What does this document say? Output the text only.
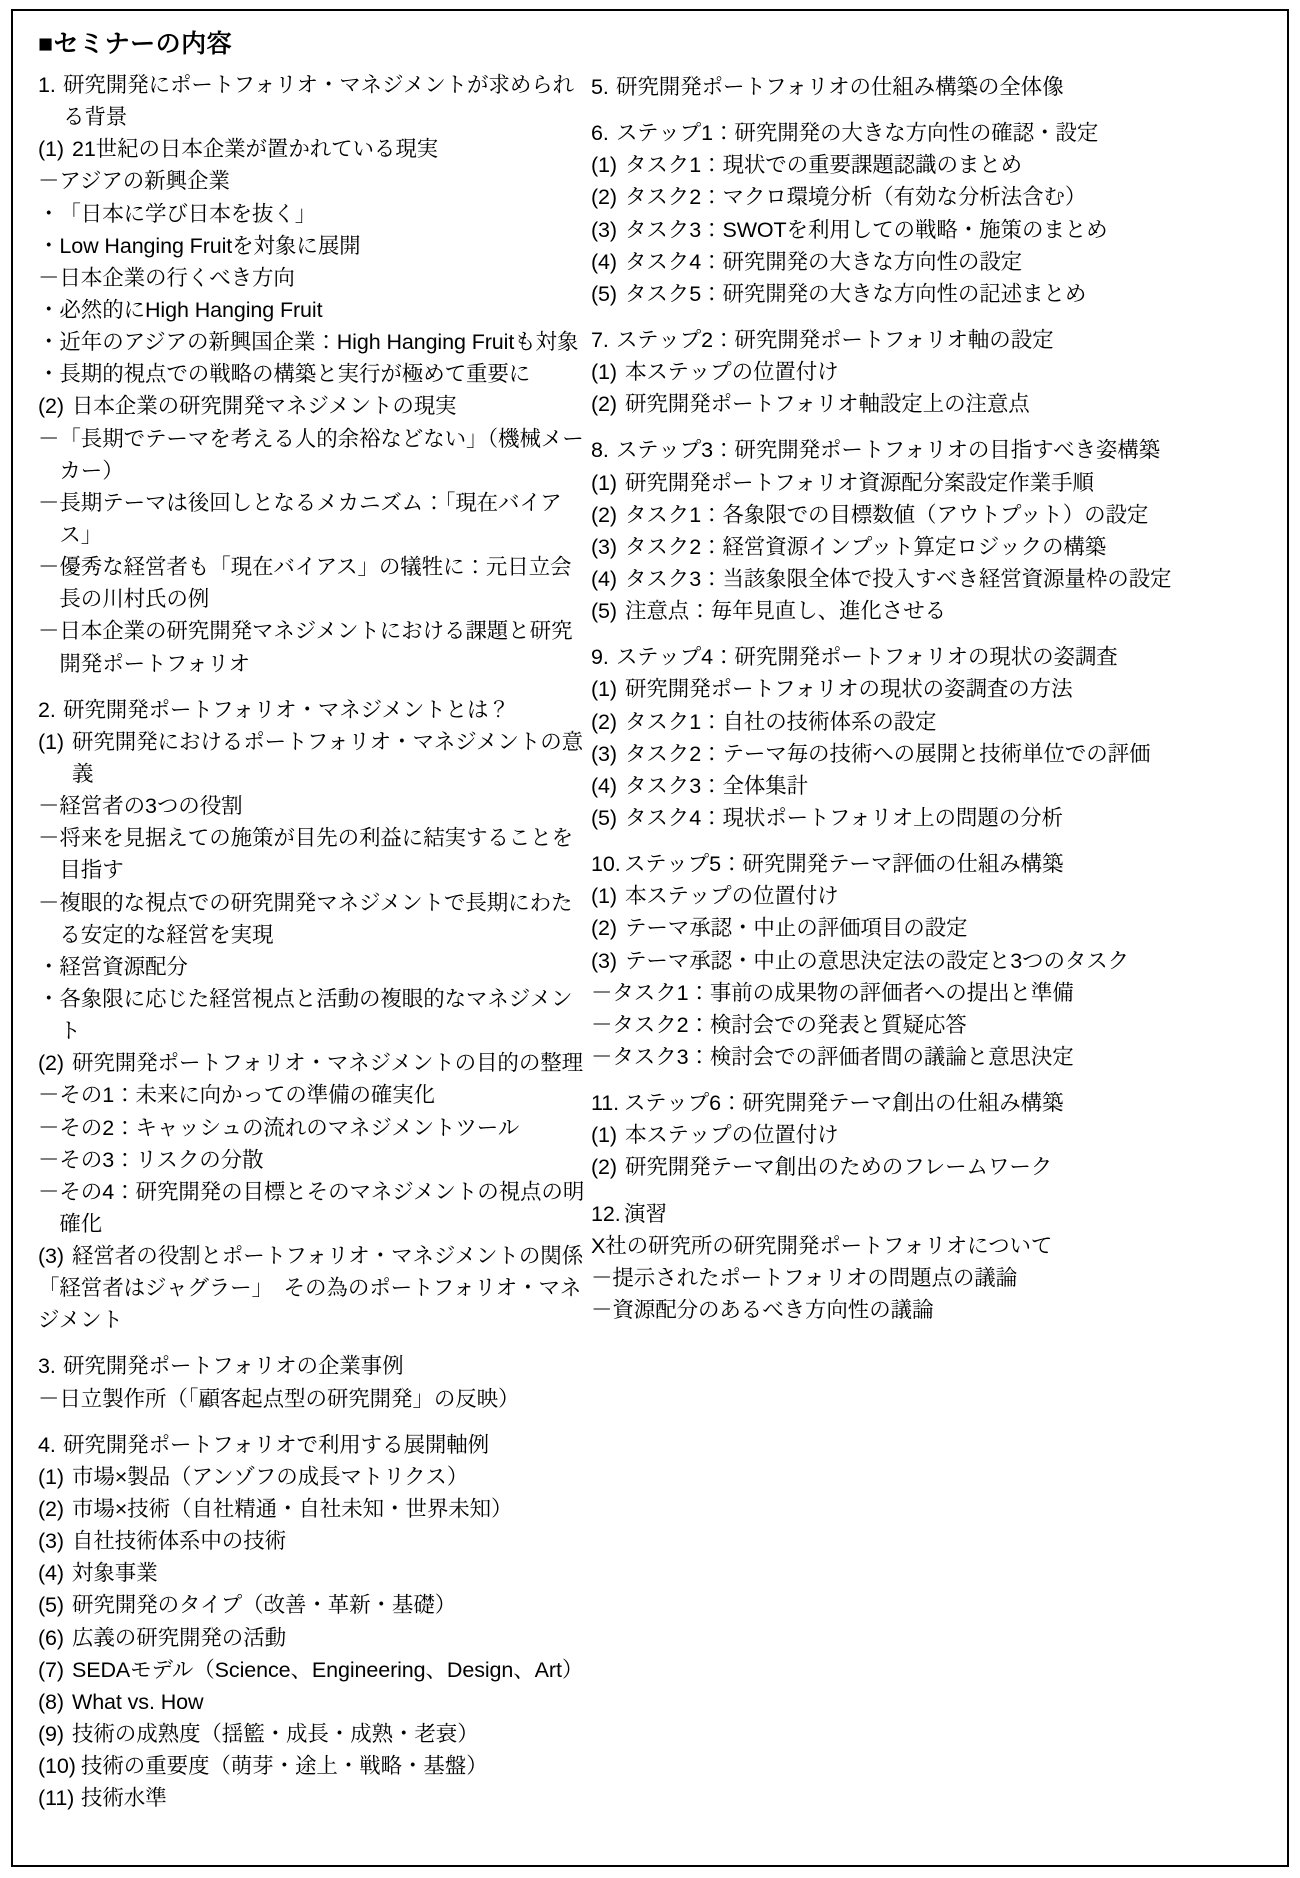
■セミナーの内容
1. 研究開発にポートフォリオ・マネジメントが求められる背景
(1) 21世紀の日本企業が置かれている現実
－ アジアの新興企業
・ 「日本に学び日本を抜く」
・ Low Hanging Fruitを対象に展開
－ 日本企業の行くべき方向
・ 必然的にHigh Hanging Fruit
・ 近年のアジアの新興国企業：High Hanging Fruitも対象
・ 長期的視点での戦略の構築と実行が極めて重要に
(2) 日本企業の研究開発マネジメントの現実
－ 「長期でテーマを考える人的余裕などない」（機械メーカー）
－ 長期テーマは後回しとなるメカニズム：「現在バイアス」
－ 優秀な経営者も「現在バイアス」の犠牲に：元日立会長の川村氏の例
－ 日本企業の研究開発マネジメントにおける課題と研究開発ポートフォリオ
2. 研究開発ポートフォリオ・マネジメントとは？
(1) 研究開発におけるポートフォリオ・マネジメントの意義
－ 経営者の3つの役割
－ 将来を見据えての施策が目先の利益に結実することを目指す
－ 複眼的な視点での研究開発マネジメントで長期にわたる安定的な経営を実現
・ 経営資源配分
・ 各象限に応じた経営視点と活動の複眼的なマネジメント
(2) 研究開発ポートフォリオ・マネジメントの目的の整理
－ その1：未来に向かっての準備の確実化
－ その2：キャッシュの流れのマネジメントツール
－ その3：リスクの分散
－ その4：研究開発の目標とそのマネジメントの視点の明確化
(3) 経営者の役割とポートフォリオ・マネジメントの関係
「経営者はジャグラー」　その為のポートフォリオ・マネジメント
3. 研究開発ポートフォリオの企業事例
－ 日立製作所（「顧客起点型の研究開発」の反映）
4. 研究開発ポートフォリオで利用する展開軸例
(1) 市場×製品（アンゾフの成長マトリクス）
(2) 市場×技術（自社精通・自社未知・世界未知）
(3) 自社技術体系中の技術
(4) 対象事業
(5) 研究開発のタイプ（改善・革新・基礎）
(6) 広義の研究開発の活動
(7) SEDAモデル（Science、Engineering、Design、Art）
(8) What vs. How
(9) 技術の成熟度（揺籃・成長・成熟・老衰）
(10) 技術の重要度（萌芽・途上・戦略・基盤）
(11) 技術水準
5. 研究開発ポートフォリオの仕組み構築の全体像
6. ステップ1：研究開発の大きな方向性の確認・設定
(1) タスク1：現状での重要課題認識のまとめ
(2) タスク2：マクロ環境分析（有効な分析法含む）
(3) タスク3：SWOTを利用しての戦略・施策のまとめ
(4) タスク4：研究開発の大きな方向性の設定
(5) タスク5：研究開発の大きな方向性の記述まとめ
7. ステップ2：研究開発ポートフォリオ軸の設定
(1) 本ステップの位置付け
(2) 研究開発ポートフォリオ軸設定上の注意点
8. ステップ3：研究開発ポートフォリオの目指すべき姿構築
(1) 研究開発ポートフォリオ資源配分案設定作業手順
(2) タスク1：各象限での目標数値（アウトプット）の設定
(3) タスク2：経営資源インプット算定ロジックの構築
(4) タスク3：当該象限全体で投入すべき経営資源量枠の設定
(5) 注意点：毎年見直し、進化させる
9. ステップ4：研究開発ポートフォリオの現状の姿調査
(1) 研究開発ポートフォリオの現状の姿調査の方法
(2) タスク1：自社の技術体系の設定
(3) タスク2：テーマ毎の技術への展開と技術単位での評価
(4) タスク3：全体集計
(5) タスク4：現状ポートフォリオ上の問題の分析
10. ステップ5：研究開発テーマ評価の仕組み構築
(1) 本ステップの位置付け
(2) テーマ承認・中止の評価項目の設定
(3) テーマ承認・中止の意思決定法の設定と3つのタスク
－ タスク1：事前の成果物の評価者への提出と準備
－ タスク2：検討会での発表と質疑応答
－ タスク3：検討会での評価者間の議論と意思決定
11. ステップ6：研究開発テーマ創出の仕組み構築
(1) 本ステップの位置付け
(2) 研究開発テーマ創出のためのフレームワーク
12. 演習
X社の研究所の研究開発ポートフォリオについて
－ 提示されたポートフォリオの問題点の議論
－ 資源配分のあるべき方向性の議論
